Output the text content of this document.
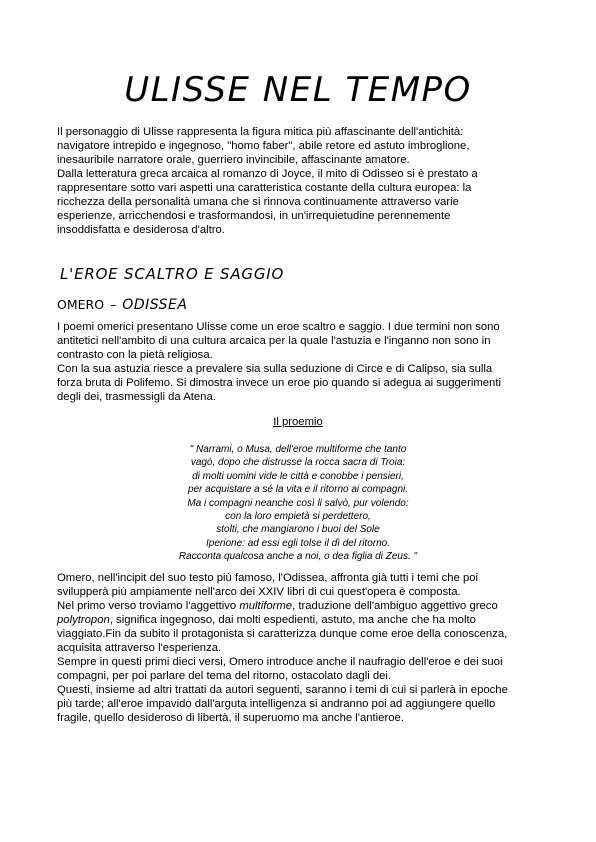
ULISSE NEL TEMPO
Il personaggio di Ulisse rappresenta la figura mitica più affascinante dell'antichità:
navigatore intrepido e ingegnoso, "homo faber", abile retore ed astuto imbroglione,
inesauribile narratore orale, guerriero invincibile, affascinante amatore.
Dalla letteratura greca arcaica al romanzo di Joyce, il mito di Odisseo si è prestato a
rappresentare sotto vari aspetti una caratteristica costante della cultura europea: la
ricchezza della personalità umana che si rinnova continuamente attraverso varie
esperienze, arricchendosi e trasformandosi, in un'irrequietudine perennemente
insoddisfatta e desiderosa d'altro.
L'EROE SCALTRO E SAGGIO
OMERO – ODISSEA
I poemi omerici presentano Ulisse come un eroe scaltro e saggio. I due termini non sono
antitetici nell'ambito di una cultura arcaica per la quale l'astuzia e l'inganno non sono in
contrasto con la pietà religiosa.
Con la sua astuzia riesce a prevalere sia sulla seduzione di Circe e di Calipso, sia sulla
forza bruta di Polifemo. Si dimostra invece un eroe pio quando si adegua ai suggerimenti
degli dei, trasmessigli da Atena.
Il proemio
" Narrami, o Musa, dell'eroe multiforme che tanto
vagò, dopo che distrusse la rocca sacra di Troia:
di molti uomini vide le città e conobbe i pensieri,
per acquistare a sé la vita e il ritorno ai compagni.
Ma i compagni neanche così li salvò, pur volendo:
con la loro empietà si perdettero,
stolti, che mangiarono i buoi del Sole
Iperione: ad essi egli tolse il dì del ritorno.
Racconta qualcosa anche a noi, o dea figlia di Zeus. "
Omero, nell'incipit del suo testo più famoso, l'Odissea, affronta già tutti i temi che poi
svilupperà più ampiamente nell'arco dei XXIV libri di cui quest'opera è composta.
Nel primo verso troviamo l'aggettivo multiforme, traduzione dell'ambiguo aggettivo greco
polytropon, significa ingegnoso, dai molti espedienti, astuto, ma anche che ha molto
viaggiato.Fin da subito il protagonista si caratterizza dunque come eroe della conoscenza,
acquisita attraverso l'esperienza.
Sempre in questi primi dieci versi, Omero introduce anche il naufragio dell'eroe e dei suoi
compagni, per poi parlare del tema del ritorno, ostacolato dagli dei.
Questi, insieme ad altri trattati da autori seguenti, saranno i temi di cui si parlerà in epoche
più tarde; all'eroe impavido dall'arguta intelligenza si andranno poi ad aggiungere quello
fragile, quello desideroso di libertà, il superuomo ma anche l'antieroe.
